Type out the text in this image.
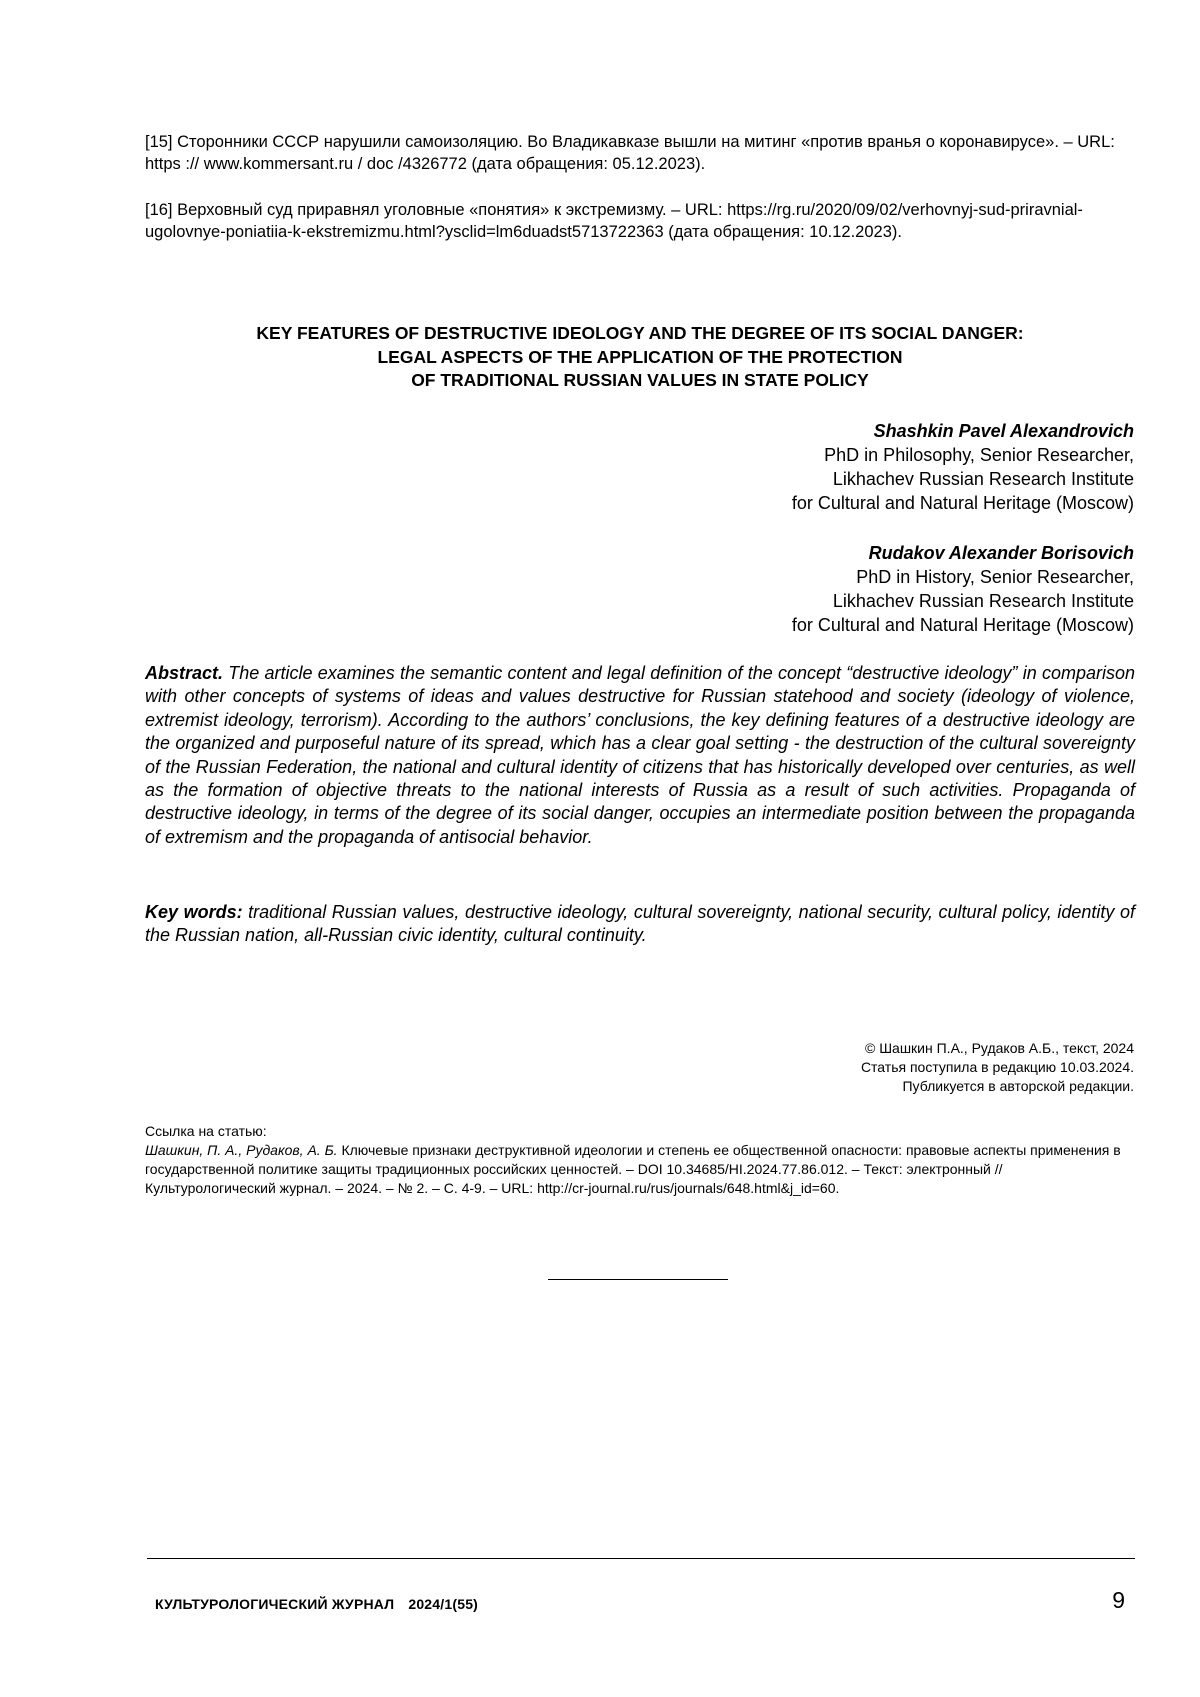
[15] Сторонники СССР нарушили самоизоляцию. Во Владикавказе вышли на митинг «против вранья о коронавирусе». – URL: https :// www.kommersant.ru / doc /4326772 (дата обращения: 05.12.2023).
[16] Верховный суд приравнял уголовные «понятия» к экстремизму. – URL: https://rg.ru/2020/09/02/verhovnyj-sud-priravnial-ugolovnye-poniatiia-k-ekstremizmu.html?ysclid=lm6duadst5713722363 (дата обращения: 10.12.2023).
KEY FEATURES OF DESTRUCTIVE IDEOLOGY AND THE DEGREE OF ITS SOCIAL DANGER:
LEGAL ASPECTS OF THE APPLICATION OF THE PROTECTION
OF TRADITIONAL RUSSIAN VALUES IN STATE POLICY
Shashkin Pavel Alexandrovich
PhD in Philosophy, Senior Researcher,
Likhachev Russian Research Institute
for Cultural and Natural Heritage (Moscow)
Rudakov Alexander Borisovich
PhD in History, Senior Researcher,
Likhachev Russian Research Institute
for Cultural and Natural Heritage (Moscow)
Abstract. The article examines the semantic content and legal definition of the concept “destructive ideology” in comparison with other concepts of systems of ideas and values destructive for Russian statehood and society (ideology of violence, extremist ideology, terrorism). According to the authors’ conclusions, the key defining features of a destructive ideology are the organized and purposeful nature of its spread, which has a clear goal setting - the destruction of the cultural sovereignty of the Russian Federation, the national and cultural identity of citizens that has historically developed over centuries, as well as the formation of objective threats to the national interests of Russia as a result of such activities. Propaganda of destructive ideology, in terms of the degree of its social danger, occupies an intermediate position between the propaganda of extremism and the propaganda of antisocial behavior.
Key words: traditional Russian values, destructive ideology, cultural sovereignty, national security, cultural policy, identity of the Russian nation, all-Russian civic identity, cultural continuity.
© Шашкин П.А., Рудаков А.Б., текст, 2024
Статья поступила в редакцию 10.03.2024.
Публикуется в авторской редакции.
Ссылка на статью:
Шашкин, П. А., Рудаков, А. Б. Ключевые признаки деструктивной идеологии и степень ее общественной опасности: правовые аспекты применения в государственной политике защиты традиционных российских ценностей. – DOI 10.34685/HI.2024.77.86.012. – Текст: электронный // Культурологический журнал. – 2024. – № 2. – С. 4-9. – URL: http://cr-journal.ru/rus/journals/648.html&j_id=60.
КУЛЬТУРОЛОГИЧЕСКИЙ ЖУРНАЛ 2024/1(55)	9
